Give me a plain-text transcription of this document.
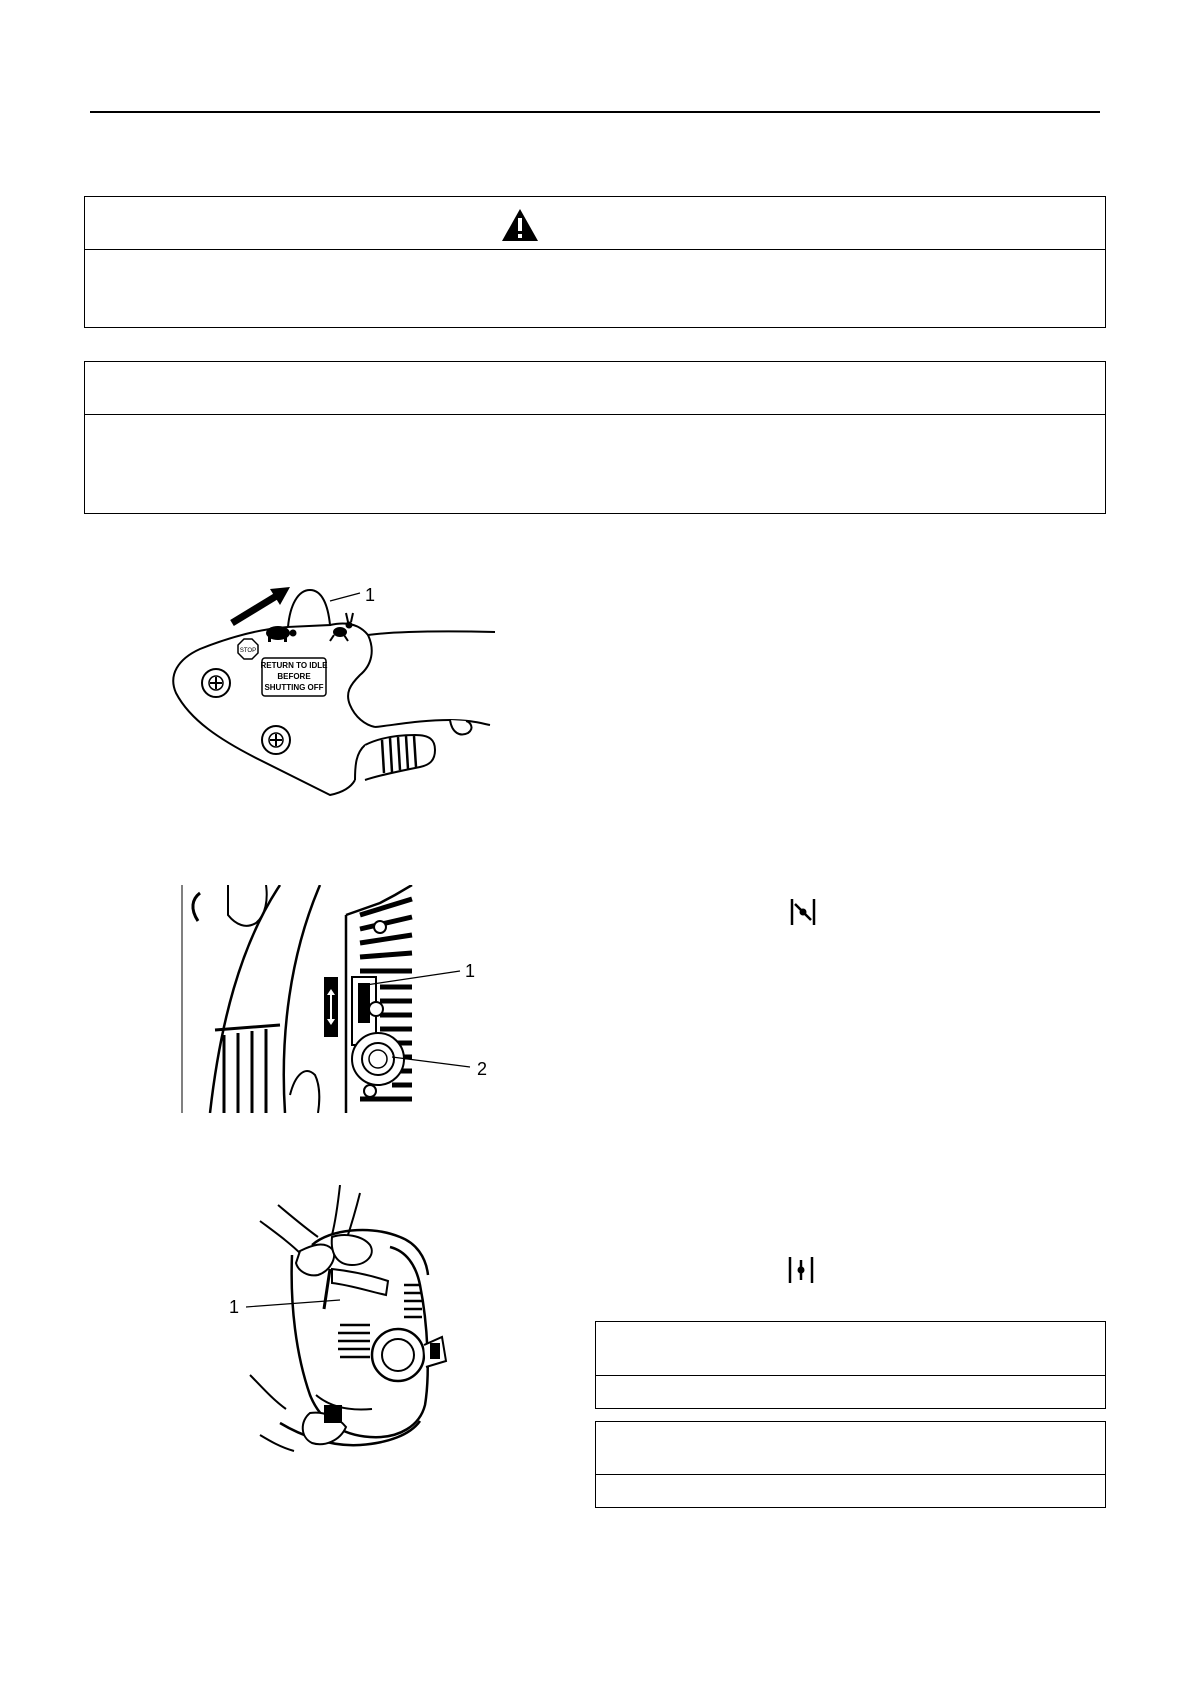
STOP
RETURN TO IDLE
BEFORE
SHUTTING OFF
1
1
2
1
